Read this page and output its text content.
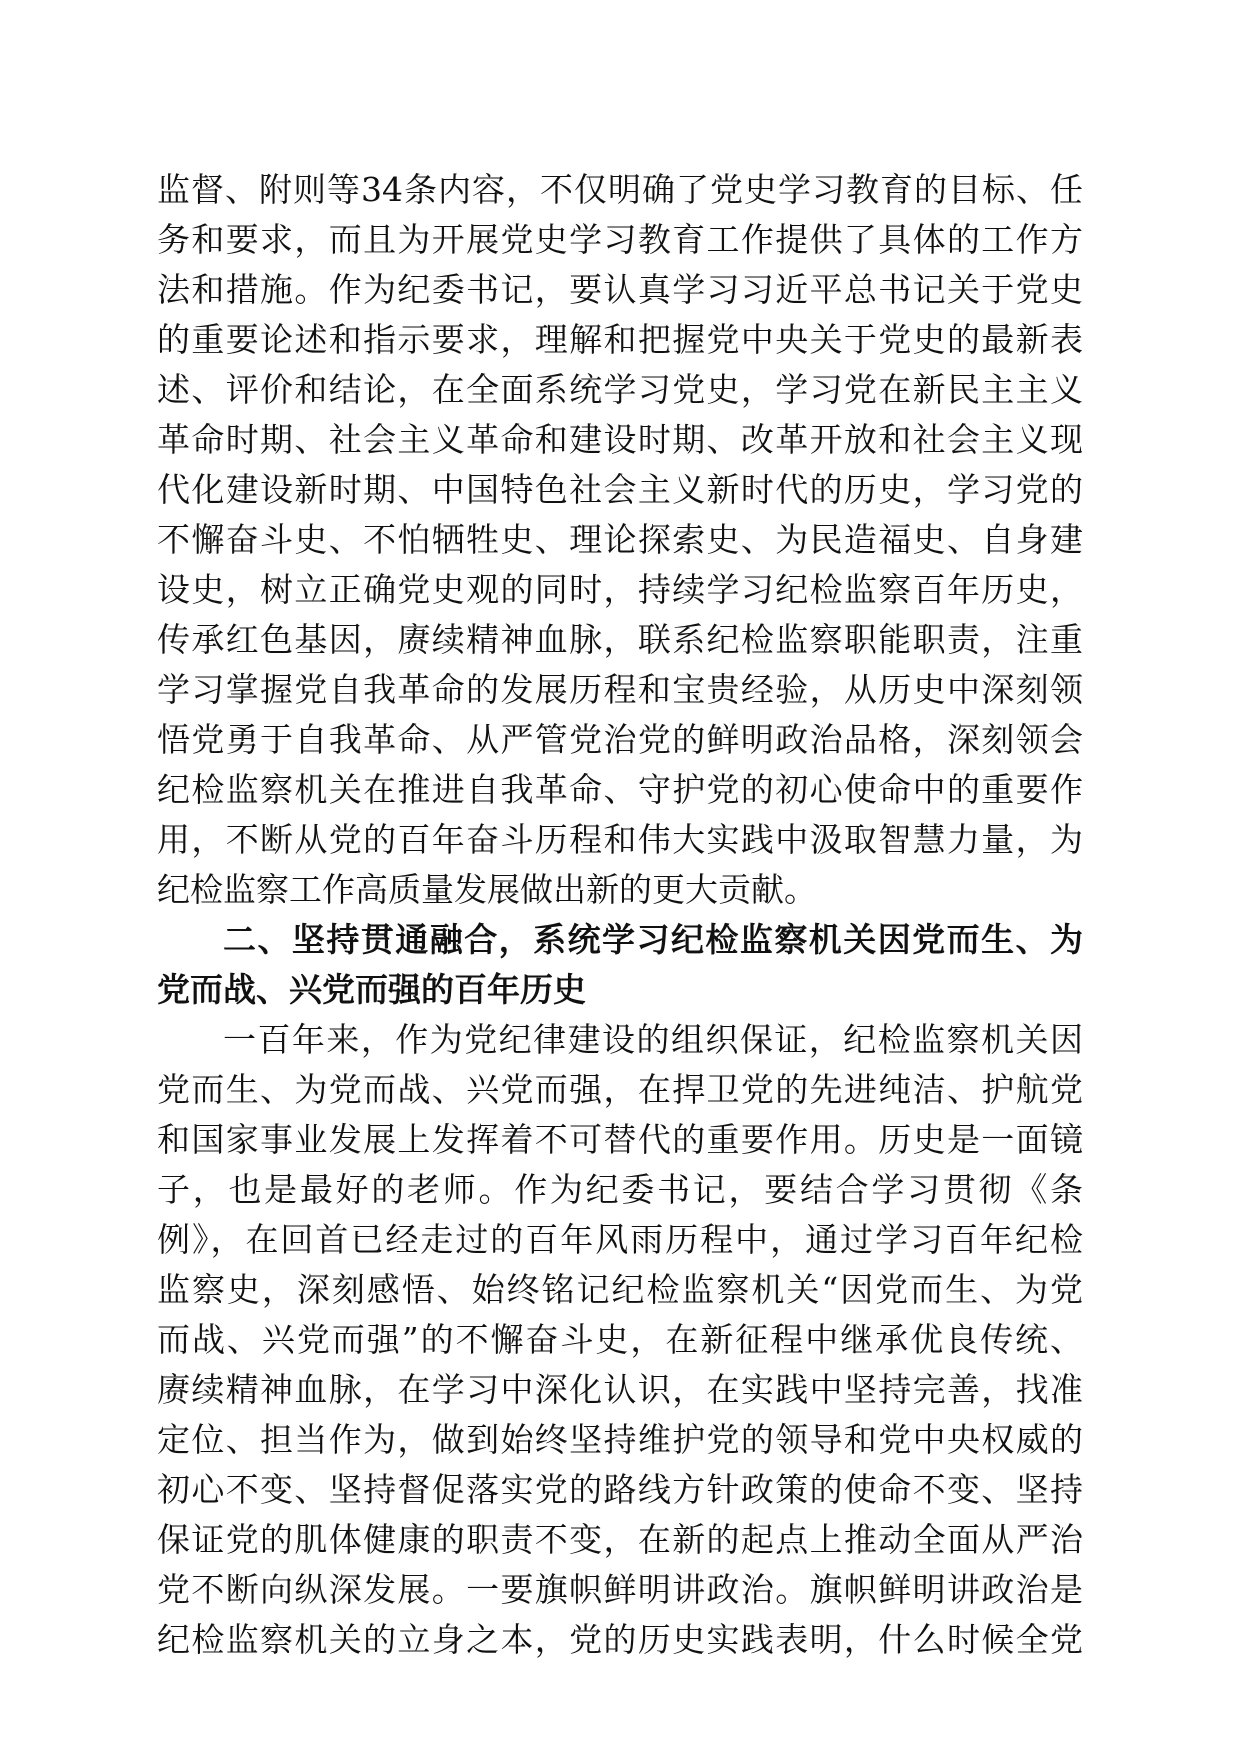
监督、附则等34条内容，不仅明确了党史学习教育的目标、任
务和要求，而且为开展党史学习教育工作提供了具体的工作方
法和措施。作为纪委书记，要认真学习习近平总书记关于党史
的重要论述和指示要求，理解和把握党中央关于党史的最新表
述、评价和结论，在全面系统学习党史，学习党在新民主主义
革命时期、社会主义革命和建设时期、改革开放和社会主义现
代化建设新时期、中国特色社会主义新时代的历史，学习党的
不懈奋斗史、不怕牺牲史、理论探索史、为民造福史、自身建
设史，树立正确党史观的同时，持续学习纪检监察百年历史，
传承红色基因，赓续精神血脉，联系纪检监察职能职责，注重
学习掌握党自我革命的发展历程和宝贵经验，从历史中深刻领
悟党勇于自我革命、从严管党治党的鲜明政治品格，深刻领会
纪检监察机关在推进自我革命、守护党的初心使命中的重要作
用，不断从党的百年奋斗历程和伟大实践中汲取智慧力量，为
纪检监察工作高质量发展做出新的更大贡献。
二、坚持贯通融合，系统学习纪检监察机关因党而生、为
党而战、兴党而强的百年历史
一百年来，作为党纪律建设的组织保证，纪检监察机关因
党而生、为党而战、兴党而强，在捍卫党的先进纯洁、护航党
和国家事业发展上发挥着不可替代的重要作用。历史是一面镜
子，也是最好的老师。作为纪委书记，要结合学习贯彻《条
例》，在回首已经走过的百年风雨历程中，通过学习百年纪检
监察史，深刻感悟、始终铭记纪检监察机关“因党而生、为党
而战、兴党而强”的不懈奋斗史，在新征程中继承优良传统、
赓续精神血脉，在学习中深化认识，在实践中坚持完善，找准
定位、担当作为，做到始终坚持维护党的领导和党中央权威的
初心不变、坚持督促落实党的路线方针政策的使命不变、坚持
保证党的肌体健康的职责不变，在新的起点上推动全面从严治
党不断向纵深发展。一要旗帜鲜明讲政治。旗帜鲜明讲政治是
纪检监察机关的立身之本，党的历史实践表明，什么时候全党
